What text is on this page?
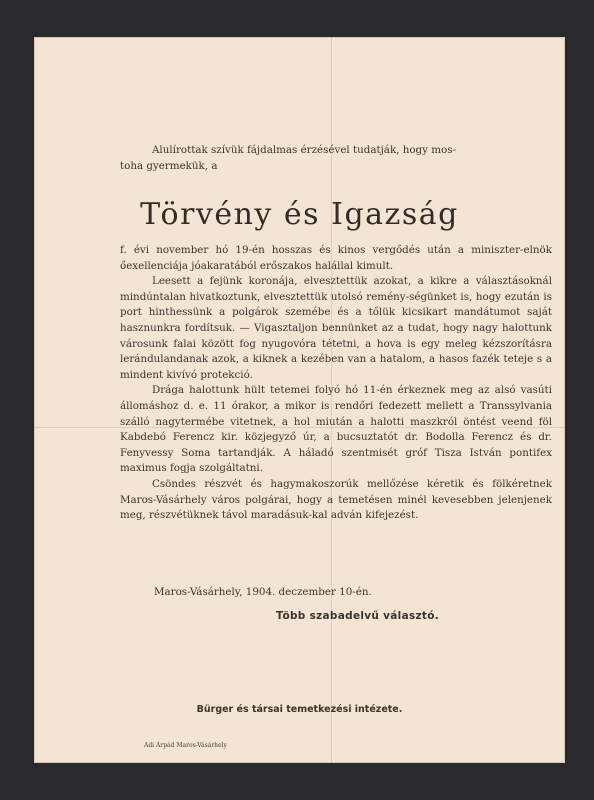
Alulírottak szívük fájdalmas érzésével tudatják, hogy mos-
toha gyermekük, a
Törvény és Igazság

f. évi november hó 19-én hosszas és kinos vergődés után a miniszter-elnök őexellenciája jóakaratából erőszakos halállal kimult.

Leesett a fejünk koronája, elvesztettük azokat, a kikre a választásoknál mindúntalan hivatkoztunk, elvesztettük utolsó remény-ségünket is, hogy ezután is port hinthessünk a polgárok szemébe és a tőlük kicsikart mandátumot saját hasznunkra fordítsuk. — Vigasztaljon bennünket az a tudat, hogy nagy halottunk városunk falai között fog nyugovóra tétetni, a hova is egy meleg kézszorításra lerándulandanak azok, a kiknek a kezében van a hatalom, a hasos fazék teteje s a mindent kivívó protekció.

Drága halottunk hült tetemei folyó hó 11-én érkeznek meg az alsó vasúti állomáshoz d. e. 11 órakor, a mikor is rendőri fedezett mellett a Transsylvania szálló nagytermébe vitetnek, a hol miután a halotti maszkról öntést veend föl Kabdebó Ferencz kir. közjegyző úr, a bucsuztatót dr. Bodolla Ferencz és dr. Fenyvessy Soma tartandják. A háladó szentmisét gróf Tisza István pontifex maximus fogja szolgáltatni.

Csöndes részvét és hagymakoszorúk mellőzése kéretik és fölkéretnek Maros-Vásárhely város polgárai, hogy a temetésen minél kevesebben jelenjenek meg, részvétüknek távol maradásuk-kal adván kifejezést.

Maros-Vásárhely, 1904. deczember 10-én.
Több szabadelvű választó.
Bürger és társai temetkezési intézete.
Adi Árpád Maros-Vásárhely
